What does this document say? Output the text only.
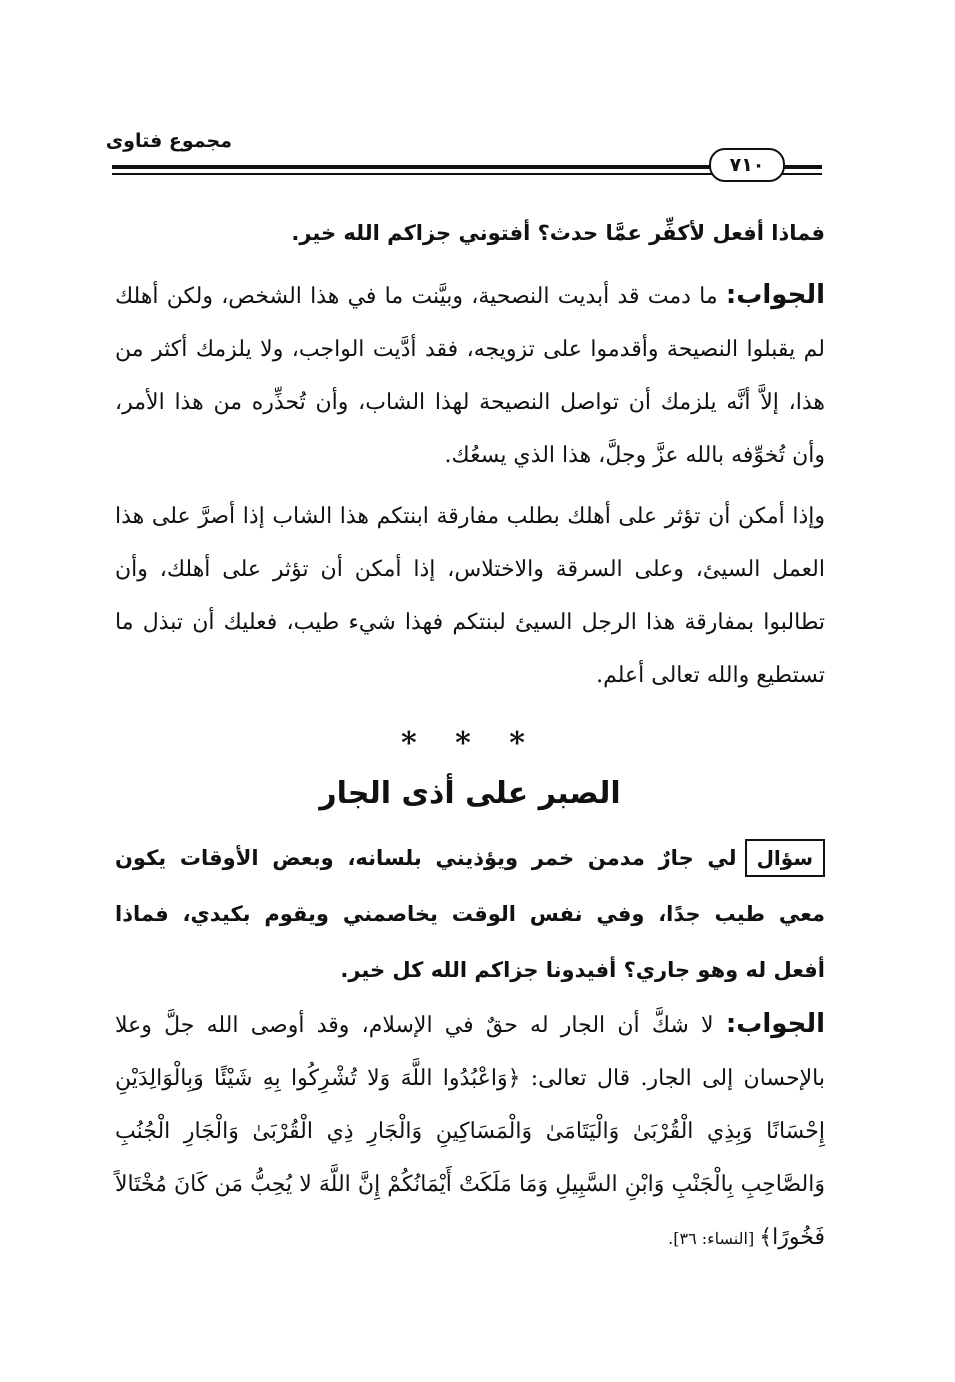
مجموع فتاوى
٧١٠

فماذا أفعل لأكفِّر عمَّا حدث؟ أفتوني جزاكم الله خير.

الجواب: ما دمت قد أبديت النصحية، وبيَّنت ما في هذا الشخص، ولكن أهلك لم يقبلوا النصيحة وأقدموا على تزويجه، فقد أدَّيت الواجب، ولا يلزمك أكثر من هذا، إلاَّ أنَّه يلزمك أن تواصل النصيحة لهذا الشاب، وأن تُحذِّره من هذا الأمر، وأن تُخوِّفه بالله عزَّ وجلَّ، هذا الذي يسعُك.

وإذا أمكن أن تؤثر على أهلك بطلب مفارقة ابنتكم هذا الشاب إذا أصرَّ على هذا العمل السيئ، وعلى السرقة والاختلاس، إذا أمكن أن تؤثر على أهلك، وأن تطالبوا بمفارقة هذا الرجل السيئ لبنتكم فهذا شيء طيب، فعليك أن تبذل ما تستطيع والله تعالى أعلم.

* * *
الصبر على أذى الجار

سؤاللي جارٌ مدمن خمر ويؤذيني بلسانه، وبعض الأوقات يكون معي طيب جدًا، وفي نفس الوقت يخاصمني ويقوم بكيدي، فماذا أفعل له وهو جاري؟ أفيدونا جزاكم الله كل خير.

الجواب: لا شكَّ أن الجار له حقٌ في الإسلام، وقد أوصى الله جلَّ وعلا بالإحسان إلى الجار. قال تعالى: ﴿وَاعْبُدُوا اللَّهَ وَلا تُشْرِكُوا بِهِ شَيْئًا وَبِالْوَالِدَيْنِ إِحْسَانًا وَبِذِي الْقُرْبَىٰ وَالْيَتَامَىٰ وَالْمَسَاكِينِ وَالْجَارِ ذِي الْقُرْبَىٰ وَالْجَارِ الْجُنُبِ وَالصَّاحِبِ بِالْجَنْبِ وَابْنِ السَّبِيلِ وَمَا مَلَكَتْ أَيْمَانُكُمْ إِنَّ اللَّهَ لا يُحِبُّ مَن كَانَ مُخْتَالاً فَخُورًا﴾ [النساء: ٣٦].
